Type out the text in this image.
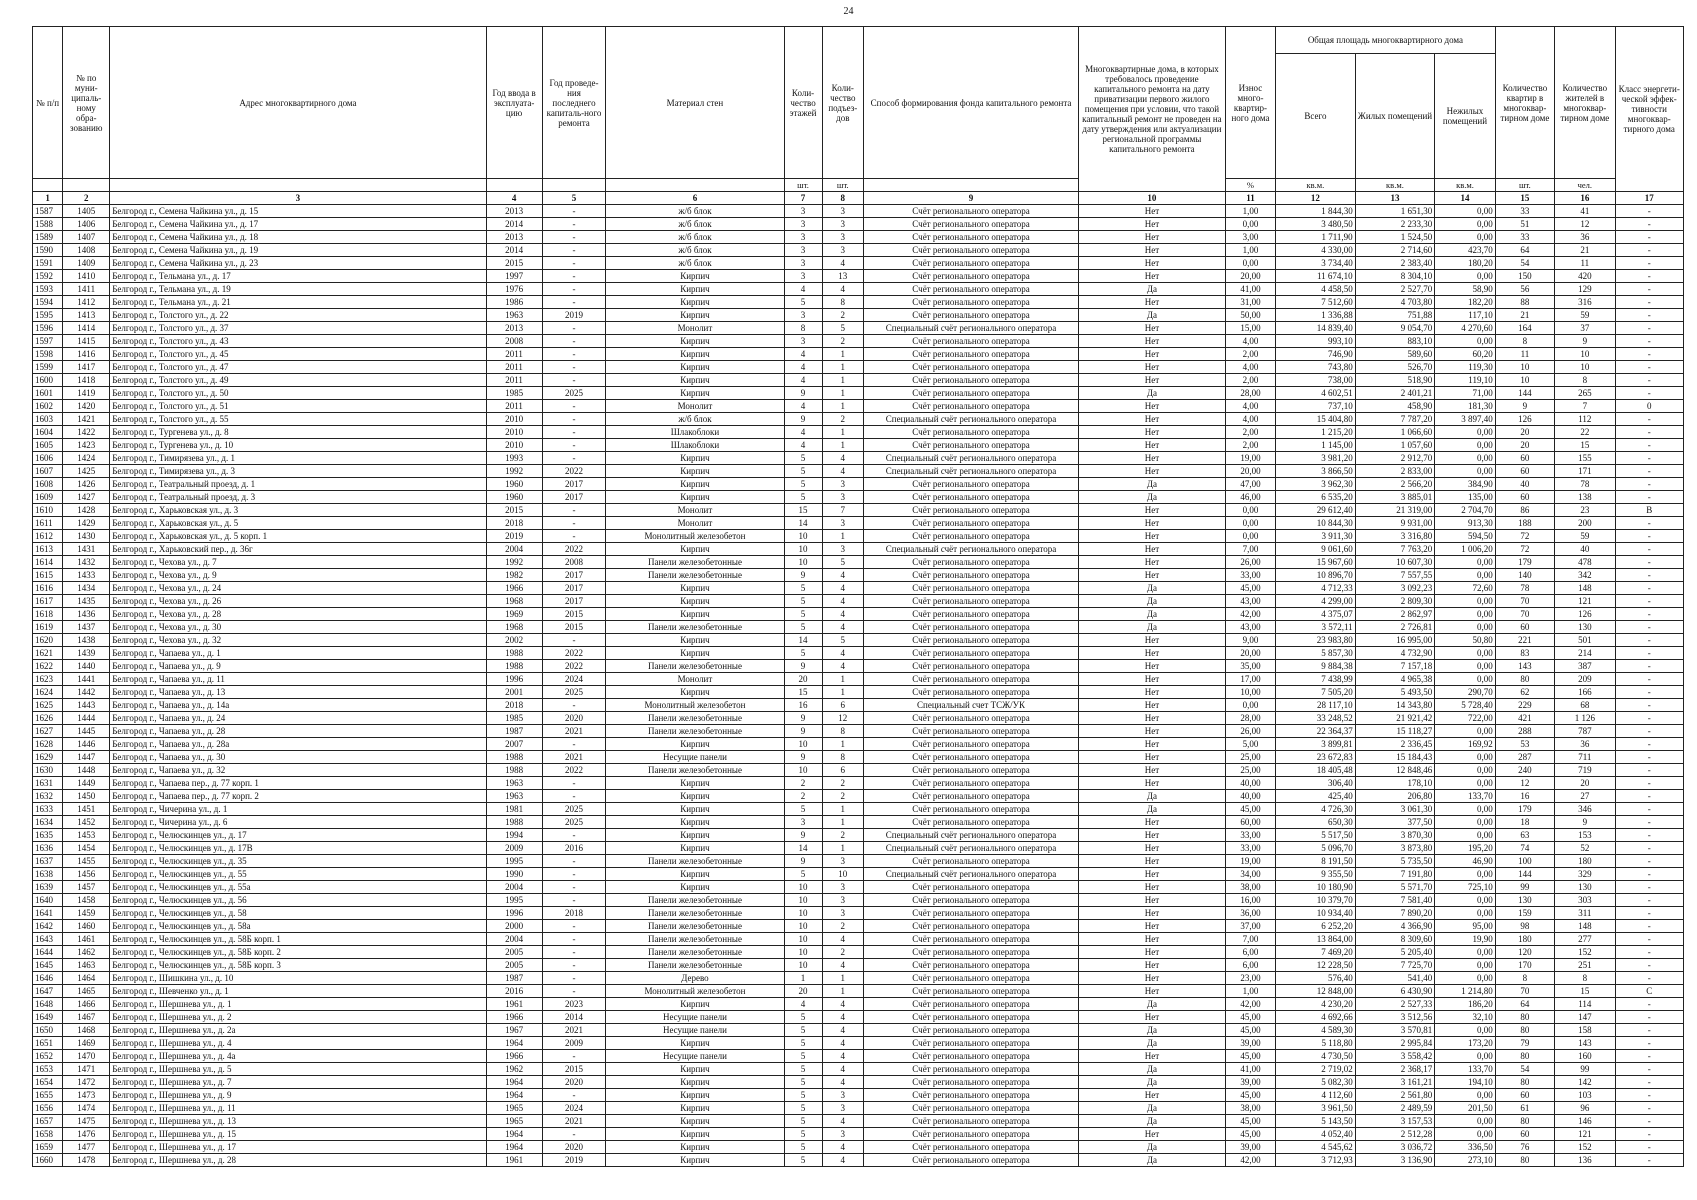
24
№ п/п	№ по муни-ципаль-ному обра-зованию	Адрес многоквартирного дома	Год ввода в эксплуата-цию	Год проведе-ния последнего капиталь-ного ремонта	Материал стен	Коли-чество этажей	Коли-чество подъез-дов	Способ формирования фонда капитального ремонта	Многоквартирные дома, в которых требовалось проведение капитального ремонта на дату приватизации первого жилого помещения при условии, что такой капитальный ремонт не проведен на дату утверждения или актуализации региональной программы капитального ремонта	Износ много-квартир-ного дома	Общая площадь многоквартирного дома			Количество квартир в многоквар-тирном доме	Количество жителей в многоквар-тирном доме	Класс энергети-ческой эффек-тивности многоквар-тирного дома
											Всего	Жилых помещений	Нежилых помещений			
						шт.	шт.			%	кв.м.	кв.м.	кв.м.	шт.	чел.	
1	2	3	4	5	6	7	8	9	10	11	12	13	14	15	16	17
1587	1405	Белгород г., Семена Чайкина ул., д. 15	2013	-	ж/б блок	3	3	Счёт регионального оператора	Нет	1,00	1 844,30	1 651,30	0,00	33	41	-
1588	1406	Белгород г., Семена Чайкина ул., д. 17	2014	-	ж/б блок	3	3	Счёт регионального оператора	Нет	0,00	3 480,50	2 233,30	0,00	51	12	-
1589	1407	Белгород г., Семена Чайкина ул., д. 18	2013	-	ж/б блок	3	3	Счёт регионального оператора	Нет	3,00	1 711,90	1 524,50	0,00	33	36	-
1590	1408	Белгород г., Семена Чайкина ул., д. 19	2014	-	ж/б блок	3	3	Счёт регионального оператора	Нет	1,00	4 330,00	2 714,60	423,70	64	21	-
1591	1409	Белгород г., Семена Чайкина ул., д. 23	2015	-	ж/б блок	3	4	Счёт регионального оператора	Нет	0,00	3 734,40	2 383,40	180,20	54	11	-
1592	1410	Белгород г., Тельмана ул., д. 17	1997	-	Кирпич	3	13	Счёт регионального оператора	Нет	20,00	11 674,10	8 304,10	0,00	150	420	-
1593	1411	Белгород г., Тельмана ул., д. 19	1976	-	Кирпич	4	4	Счёт регионального оператора	Да	41,00	4 458,50	2 527,70	58,90	56	129	-
1594	1412	Белгород г., Тельмана ул., д. 21	1986	-	Кирпич	5	8	Счёт регионального оператора	Нет	31,00	7 512,60	4 703,80	182,20	88	316	-
1595	1413	Белгород г., Толстого ул., д. 22	1963	2019	Кирпич	3	2	Счёт регионального оператора	Да	50,00	1 336,88	751,88	117,10	21	59	-
1596	1414	Белгород г., Толстого ул., д. 37	2013	-	Монолит	8	5	Специальный счёт регионального оператора	Нет	15,00	14 839,40	9 054,70	4 270,60	164	37	-
1597	1415	Белгород г., Толстого ул., д. 43	2008	-	Кирпич	3	2	Счёт регионального оператора	Нет	4,00	993,10	883,10	0,00	8	9	-
1598	1416	Белгород г., Толстого ул., д. 45	2011	-	Кирпич	4	1	Счёт регионального оператора	Нет	2,00	746,90	589,60	60,20	11	10	-
1599	1417	Белгород г., Толстого ул., д. 47	2011	-	Кирпич	4	1	Счёт регионального оператора	Нет	4,00	743,80	526,70	119,30	10	10	-
1600	1418	Белгород г., Толстого ул., д. 49	2011	-	Кирпич	4	1	Счёт регионального оператора	Нет	2,00	738,00	518,90	119,10	10	8	-
1601	1419	Белгород г., Толстого ул., д. 50	1985	2025	Кирпич	9	1	Счёт регионального оператора	Да	28,00	4 602,51	2 401,21	71,00	144	265	-
1602	1420	Белгород г., Толстого ул., д. 51	2011	-	Монолит	4	1	Счёт регионального оператора	Нет	4,00	737,10	458,90	181,30	9	7	0
1603	1421	Белгород г., Толстого ул., д. 55	2010	-	ж/б блок	9	2	Специальный счёт регионального оператора	Нет	4,00	15 404,80	7 787,20	3 897,40	126	112	-
1604	1422	Белгород г., Тургенева ул., д. 8	2010	-	Шлакоблоки	4	1	Счёт регионального оператора	Нет	2,00	1 215,20	1 066,60	0,00	20	22	-
1605	1423	Белгород г., Тургенева ул., д. 10	2010	-	Шлакоблоки	4	1	Счёт регионального оператора	Нет	2,00	1 145,00	1 057,60	0,00	20	15	-
1606	1424	Белгород г., Тимирязева ул., д. 1	1993	-	Кирпич	5	4	Специальный счёт регионального оператора	Нет	19,00	3 981,20	2 912,70	0,00	60	155	-
1607	1425	Белгород г., Тимирязева ул., д. 3	1992	2022	Кирпич	5	4	Специальный счёт регионального оператора	Нет	20,00	3 866,50	2 833,00	0,00	60	171	-
1608	1426	Белгород г., Театральный проезд, д. 1	1960	2017	Кирпич	5	3	Счёт регионального оператора	Да	47,00	3 962,30	2 566,20	384,90	40	78	-
1609	1427	Белгород г., Театральный проезд, д. 3	1960	2017	Кирпич	5	3	Счёт регионального оператора	Да	46,00	6 535,20	3 885,01	135,00	60	138	-
1610	1428	Белгород г., Харьковская ул., д. 3	2015	-	Монолит	15	7	Счёт регионального оператора	Нет	0,00	29 612,40	21 319,00	2 704,70	86	23	B
1611	1429	Белгород г., Харьковская ул., д. 5	2018	-	Монолит	14	3	Счёт регионального оператора	Нет	0,00	10 844,30	9 931,00	913,30	188	200	-
1612	1430	Белгород г., Харьковская ул., д. 5 корп. 1	2019	-	Монолитный железобетон	10	1	Счёт регионального оператора	Нет	0,00	3 911,30	3 316,80	594,50	72	59	-
1613	1431	Белгород г., Харьковский пер., д. 36г	2004	2022	Кирпич	10	3	Специальный счёт регионального оператора	Нет	7,00	9 061,60	7 763,20	1 006,20	72	40	-
1614	1432	Белгород г., Чехова ул., д. 7	1992	2008	Панели железобетонные	10	5	Счёт регионального оператора	Нет	26,00	15 967,60	10 607,30	0,00	179	478	-
1615	1433	Белгород г., Чехова ул., д. 9	1982	2017	Панели железобетонные	9	4	Счёт регионального оператора	Нет	33,00	10 896,70	7 557,55	0,00	140	342	-
1616	1434	Белгород г., Чехова ул., д. 24	1966	2017	Кирпич	5	4	Счёт регионального оператора	Да	45,00	4 712,33	3 092,23	72,60	78	148	-
1617	1435	Белгород г., Чехова ул., д. 26	1968	2017	Кирпич	5	4	Счёт регионального оператора	Да	43,00	4 299,00	2 809,30	0,00	70	121	-
1618	1436	Белгород г., Чехова ул., д. 28	1969	2015	Кирпич	5	4	Счёт регионального оператора	Да	42,00	4 375,07	2 862,97	0,00	70	126	-
1619	1437	Белгород г., Чехова ул., д. 30	1968	2015	Панели железобетонные	5	4	Счёт регионального оператора	Да	43,00	3 572,11	2 726,81	0,00	60	130	-
1620	1438	Белгород г., Чехова ул., д. 32	2002	-	Кирпич	14	5	Счёт регионального оператора	Нет	9,00	23 983,80	16 995,00	50,80	221	501	-
1621	1439	Белгород г., Чапаева ул., д. 1	1988	2022	Кирпич	5	4	Счёт регионального оператора	Нет	20,00	5 857,30	4 732,90	0,00	83	214	-
1622	1440	Белгород г., Чапаева ул., д. 9	1988	2022	Панели железобетонные	9	4	Счёт регионального оператора	Нет	35,00	9 884,38	7 157,18	0,00	143	387	-
1623	1441	Белгород г., Чапаева ул., д. 11	1996	2024	Монолит	20	1	Счёт регионального оператора	Нет	17,00	7 438,99	4 965,38	0,00	80	209	-
1624	1442	Белгород г., Чапаева ул., д. 13	2001	2025	Кирпич	15	1	Счёт регионального оператора	Нет	10,00	7 505,20	5 493,50	290,70	62	166	-
1625	1443	Белгород г., Чапаева ул., д. 14а	2018	-	Монолитный железобетон	16	6	Специальный счет ТСЖ/УК	Нет	0,00	28 117,10	14 343,80	5 728,40	229	68	-
1626	1444	Белгород г., Чапаева ул., д. 24	1985	2020	Панели железобетонные	9	12	Счёт регионального оператора	Нет	28,00	33 248,52	21 921,42	722,00	421	1 126	-
1627	1445	Белгород г., Чапаева ул., д. 28	1987	2021	Панели железобетонные	9	8	Счёт регионального оператора	Нет	26,00	22 364,37	15 118,27	0,00	288	787	-
1628	1446	Белгород г., Чапаева ул., д. 28а	2007	-	Кирпич	10	1	Счёт регионального оператора	Нет	5,00	3 899,81	2 336,45	169,92	53	36	-
1629	1447	Белгород г., Чапаева ул., д. 30	1988	2021	Несущие панели	9	8	Счёт регионального оператора	Нет	25,00	23 672,83	15 184,43	0,00	287	711	-
1630	1448	Белгород г., Чапаева ул., д. 32	1988	2022	Панели железобетонные	10	6	Счёт регионального оператора	Нет	25,00	18 405,48	12 848,46	0,00	240	719	-
1631	1449	Белгород г., Чапаева пер., д. 77 корп. 1	1963	-	Кирпич	2	2	Счёт регионального оператора	Нет	40,00	306,40	178,10	0,00	12	20	-
1632	1450	Белгород г., Чапаева пер., д. 77 корп. 2	1963	-	Кирпич	2	2	Счёт регионального оператора	Да	40,00	425,40	206,80	133,70	16	27	-
1633	1451	Белгород г., Чичерина ул., д. 1	1981	2025	Кирпич	5	1	Счёт регионального оператора	Да	45,00	4 726,30	3 061,30	0,00	179	346	-
1634	1452	Белгород г., Чичерина ул., д. 6	1988	2025	Кирпич	3	1	Счёт регионального оператора	Нет	60,00	650,30	377,50	0,00	18	9	-
1635	1453	Белгород г., Челюскинцев ул., д. 17	1994	-	Кирпич	9	2	Специальный счёт регионального оператора	Нет	33,00	5 517,50	3 870,30	0,00	63	153	-
1636	1454	Белгород г., Челюскинцев ул., д. 17В	2009	2016	Кирпич	14	1	Специальный счёт регионального оператора	Нет	33,00	5 096,70	3 873,80	195,20	74	52	-
1637	1455	Белгород г., Челюскинцев ул., д. 35	1995	-	Панели железобетонные	9	3	Счёт регионального оператора	Нет	19,00	8 191,50	5 735,50	46,90	100	180	-
1638	1456	Белгород г., Челюскинцев ул., д. 55	1990	-	Кирпич	5	10	Специальный счёт регионального оператора	Нет	34,00	9 355,50	7 191,80	0,00	144	329	-
1639	1457	Белгород г., Челюскинцев ул., д. 55а	2004	-	Кирпич	10	3	Счёт регионального оператора	Нет	38,00	10 180,90	5 571,70	725,10	99	130	-
1640	1458	Белгород г., Челюскинцев ул., д. 56	1995	-	Панели железобетонные	10	3	Счёт регионального оператора	Нет	16,00	10 379,70	7 581,40	0,00	130	303	-
1641	1459	Белгород г., Челюскинцев ул., д. 58	1996	2018	Панели железобетонные	10	3	Счёт регионального оператора	Нет	36,00	10 934,40	7 890,20	0,00	159	311	-
1642	1460	Белгород г., Челюскинцев ул., д. 58а	2000	-	Панели железобетонные	10	2	Счёт регионального оператора	Нет	37,00	6 252,20	4 366,90	95,00	98	148	-
1643	1461	Белгород г., Челюскинцев ул., д. 58Б корп. 1	2004	-	Панели железобетонные	10	4	Счёт регионального оператора	Нет	7,00	13 864,00	8 309,60	19,90	180	277	-
1644	1462	Белгород г., Челюскинцев ул., д. 58Б корп. 2	2005	-	Панели железобетонные	10	2	Счёт регионального оператора	Нет	6,00	7 469,20	5 205,40	0,00	120	152	-
1645	1463	Белгород г., Челюскинцев ул., д. 58Б корп. 3	2005	-	Панели железобетонные	10	4	Счёт регионального оператора	Нет	6,00	12 228,50	7 725,70	0,00	170	251	-
1646	1464	Белгород г., Шишкина ул., д. 10	1987	-	Дерево	1	1	Счёт регионального оператора	Нет	23,00	576,40	541,40	0,00	8	8	-
1647	1465	Белгород г., Шевченко ул., д. 1	2016	-	Монолитный железобетон	20	1	Счёт регионального оператора	Нет	1,00	12 848,00	6 430,90	1 214,80	70	15	C
1648	1466	Белгород г., Шершнева ул., д. 1	1961	2023	Кирпич	4	4	Счёт регионального оператора	Да	42,00	4 230,20	2 527,33	186,20	64	114	-
1649	1467	Белгород г., Шершнева ул., д. 2	1966	2014	Несущие панели	5	4	Счёт регионального оператора	Нет	45,00	4 692,66	3 512,56	32,10	80	147	-
1650	1468	Белгород г., Шершнева ул., д. 2а	1967	2021	Несущие панели	5	4	Счёт регионального оператора	Да	45,00	4 589,30	3 570,81	0,00	80	158	-
1651	1469	Белгород г., Шершнева ул., д. 4	1964	2009	Кирпич	5	4	Счёт регионального оператора	Да	39,00	5 118,80	2 995,84	173,20	79	143	-
1652	1470	Белгород г., Шершнева ул., д. 4а	1966	-	Несущие панели	5	4	Счёт регионального оператора	Нет	45,00	4 730,50	3 558,42	0,00	80	160	-
1653	1471	Белгород г., Шершнева ул., д. 5	1962	2015	Кирпич	5	4	Счёт регионального оператора	Да	41,00	2 719,02	2 368,17	133,70	54	99	-
1654	1472	Белгород г., Шершнева ул., д. 7	1964	2020	Кирпич	5	4	Счёт регионального оператора	Да	39,00	5 082,30	3 161,21	194,10	80	142	-
1655	1473	Белгород г., Шершнева ул., д. 9	1964	-	Кирпич	5	3	Счёт регионального оператора	Нет	45,00	4 112,60	2 561,80	0,00	60	103	-
1656	1474	Белгород г., Шершнева ул., д. 11	1965	2024	Кирпич	5	3	Счёт регионального оператора	Да	38,00	3 961,50	2 489,59	201,50	61	96	-
1657	1475	Белгород г., Шершнева ул., д. 13	1965	2021	Кирпич	5	4	Счёт регионального оператора	Да	45,00	5 143,50	3 157,53	0,00	80	146	-
1658	1476	Белгород г., Шершнева ул., д. 15	1964	-	Кирпич	5	3	Счёт регионального оператора	Нет	45,00	4 052,40	2 512,28	0,00	60	121	-
1659	1477	Белгород г., Шершнева ул., д. 17	1964	2020	Кирпич	5	4	Счёт регионального оператора	Да	39,00	4 545,62	3 036,72	336,50	76	152	-
1660	1478	Белгород г., Шершнева ул., д. 28	1961	2019	Кирпич	5	4	Счёт регионального оператора	Да	42,00	3 712,93	3 136,90	273,10	80	136	-
